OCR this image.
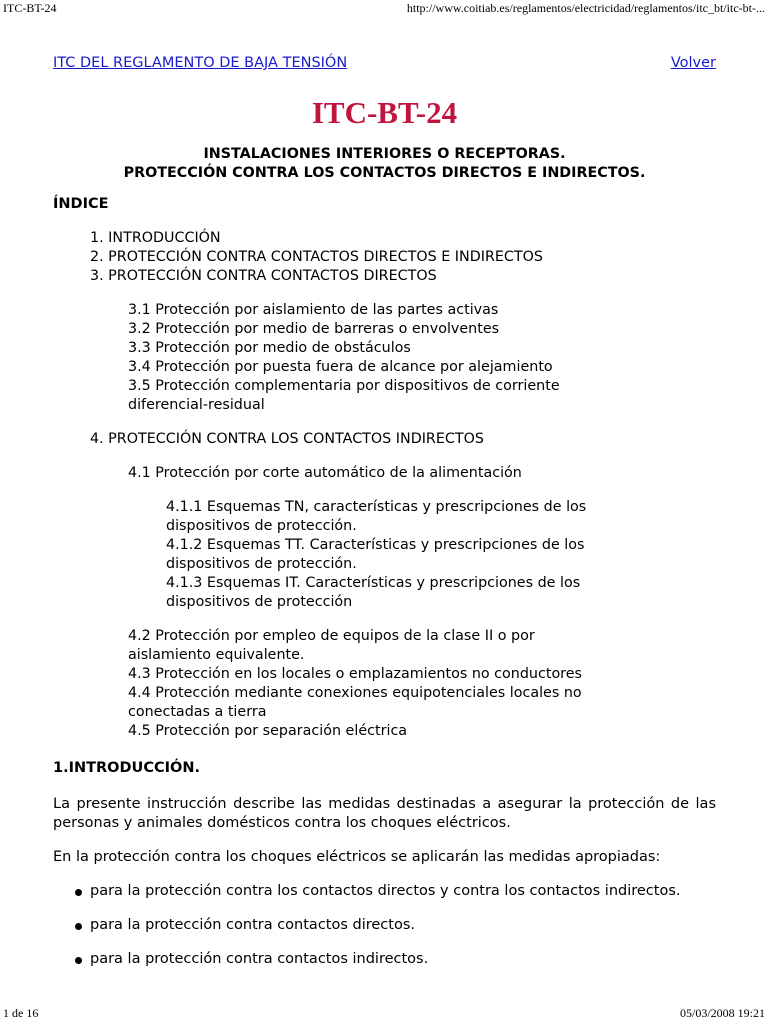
ITC-BT-24	http://www.coitiab.es/reglamentos/electricidad/reglamentos/itc_bt/itc-bt-...
ITC DEL REGLAMENTO DE BAJA TENSIÓN	Volver
ITC-BT-24
INSTALACIONES INTERIORES O RECEPTORAS.
PROTECCIÓN CONTRA LOS CONTACTOS DIRECTOS E INDIRECTOS.
ÍNDICE
1. INTRODUCCIÓN
2. PROTECCIÓN CONTRA CONTACTOS DIRECTOS E INDIRECTOS
3. PROTECCIÓN CONTRA CONTACTOS DIRECTOS
3.1 Protección por aislamiento de las partes activas
3.2 Protección por medio de barreras o envolventes
3.3 Protección por medio de obstáculos
3.4 Protección por puesta fuera de alcance por alejamiento
3.5 Protección complementaria por dispositivos de corriente diferencial-residual
4. PROTECCIÓN CONTRA LOS CONTACTOS INDIRECTOS
4.1 Protección por corte automático de la alimentación
4.1.1 Esquemas TN, características y prescripciones de los dispositivos de protección.
4.1.2 Esquemas TT. Características y prescripciones de los dispositivos de protección.
4.1.3 Esquemas IT. Características y prescripciones de los dispositivos de protección
4.2 Protección por empleo de equipos de la clase II o por aislamiento equivalente.
4.3 Protección en los locales o emplazamientos no conductores
4.4 Protección mediante conexiones equipotenciales locales no conectadas a tierra
4.5 Protección por separación eléctrica
1.INTRODUCCIÓN.
La presente instrucción describe las medidas destinadas a asegurar la protección de las personas y animales domésticos contra los choques eléctricos.
En la protección contra los choques eléctricos se aplicarán las medidas apropiadas:
para la protección contra los contactos directos y contra los contactos indirectos.
para la protección contra contactos directos.
para la protección contra contactos indirectos.
1 de 16	05/03/2008 19:21
